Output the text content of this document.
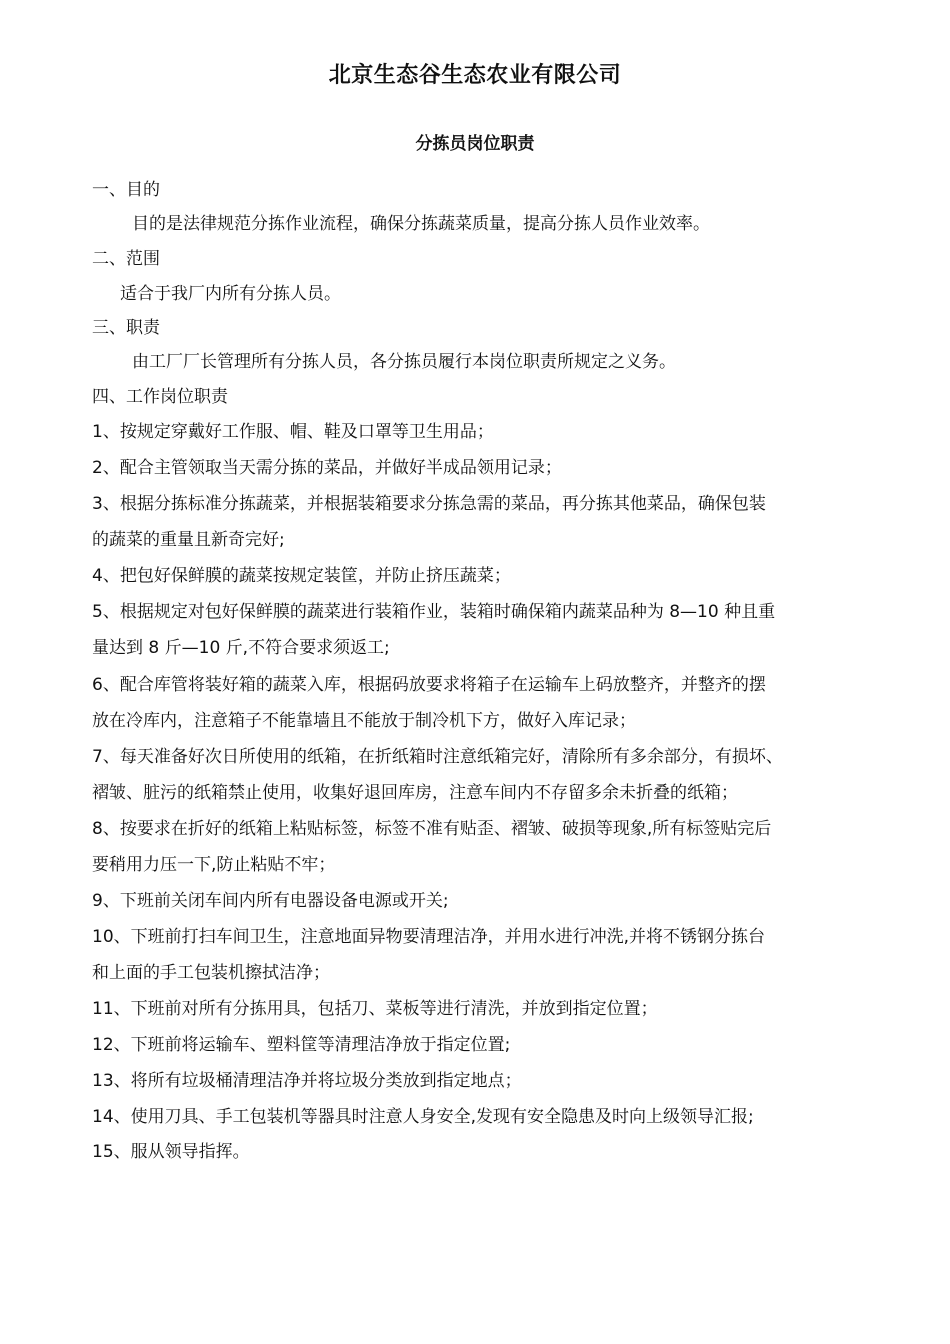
北京生态谷生态农业有限公司
分拣员岗位职责
一、目的
目的是法律规范分拣作业流程，确保分拣蔬菜质量，提高分拣人员作业效率。
二、范围
适合于我厂内所有分拣人员。
三、职责
由工厂厂长管理所有分拣人员，各分拣员履行本岗位职责所规定之义务。
四、工作岗位职责
1、按规定穿戴好工作服、帽、鞋及口罩等卫生用品；
2、配合主管领取当天需分拣的菜品，并做好半成品领用记录；
3、根据分拣标准分拣蔬菜，并根据装箱要求分拣急需的菜品，再分拣其他菜品，确保包装
的蔬菜的重量且新奇完好;
4、把包好保鲜膜的蔬菜按规定装筐，并防止挤压蔬菜；
5、根据规定对包好保鲜膜的蔬菜进行装箱作业，装箱时确保箱内蔬菜品种为 8—10 种且重
量达到 8 斤—10 斤,不符合要求须返工;
6、配合库管将装好箱的蔬菜入库，根据码放要求将箱子在运输车上码放整齐，并整齐的摆
放在冷库内，注意箱子不能靠墙且不能放于制冷机下方，做好入库记录；
7、每天准备好次日所使用的纸箱，在折纸箱时注意纸箱完好，清除所有多余部分，有损坏、
褶皱、脏污的纸箱禁止使用，收集好退回库房，注意车间内不存留多余未折叠的纸箱；
8、按要求在折好的纸箱上粘贴标签，标签不准有贴歪、褶皱、破损等现象,所有标签贴完后
要稍用力压一下,防止粘贴不牢；
9、下班前关闭车间内所有电器设备电源或开关;
10、下班前打扫车间卫生，注意地面异物要清理洁净，并用水进行冲洗,并将不锈钢分拣台
和上面的手工包装机擦拭洁净；
11、下班前对所有分拣用具，包括刀、菜板等进行清洗，并放到指定位置；
12、下班前将运输车、塑料筐等清理洁净放于指定位置;
13、将所有垃圾桶清理洁净并将垃圾分类放到指定地点；
14、使用刀具、手工包装机等器具时注意人身安全,发现有安全隐患及时向上级领导汇报;
15、服从领导指挥。
